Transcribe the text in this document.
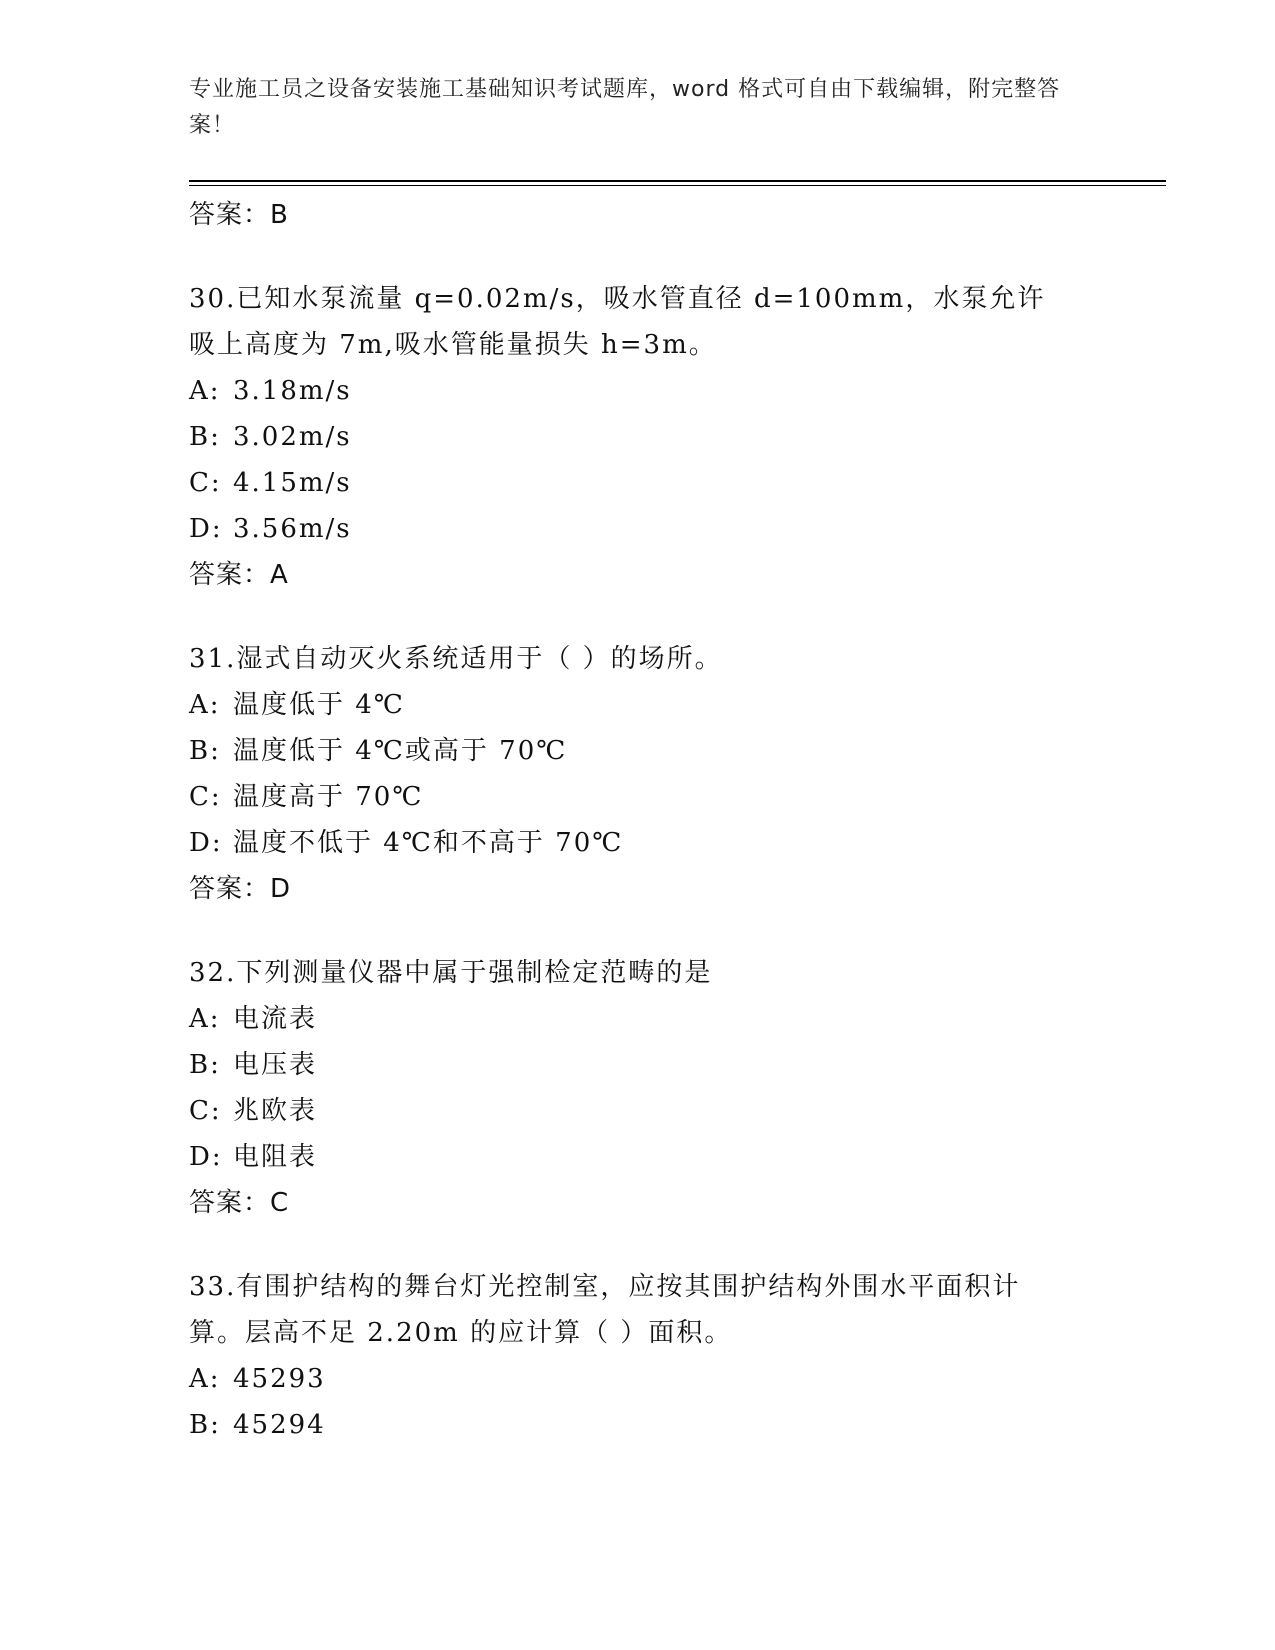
专业施工员之设备安装施工基础知识考试题库，word 格式可自由下载编辑，附完整答案！
答案：B
30.已知水泵流量 q=0.02m/s，吸水管直径 d=100mm，水泵允许吸上高度为 7m,吸水管能量损失 h=3m。
A: 3.18m/s
B: 3.02m/s
C: 4.15m/s
D: 3.56m/s
答案：A
31.湿式自动灭火系统适用于（ ）的场所。
A: 温度低于 4℃
B: 温度低于 4℃或高于 70℃
C: 温度高于 70℃
D: 温度不低于 4℃和不高于 70℃
答案：D
32.下列测量仪器中属于强制检定范畴的是
A: 电流表
B: 电压表
C: 兆欧表
D: 电阻表
答案：C
33.有围护结构的舞台灯光控制室，应按其围护结构外围水平面积计算。层高不足 2.20m 的应计算（ ）面积。
A: 45293
B: 45294
